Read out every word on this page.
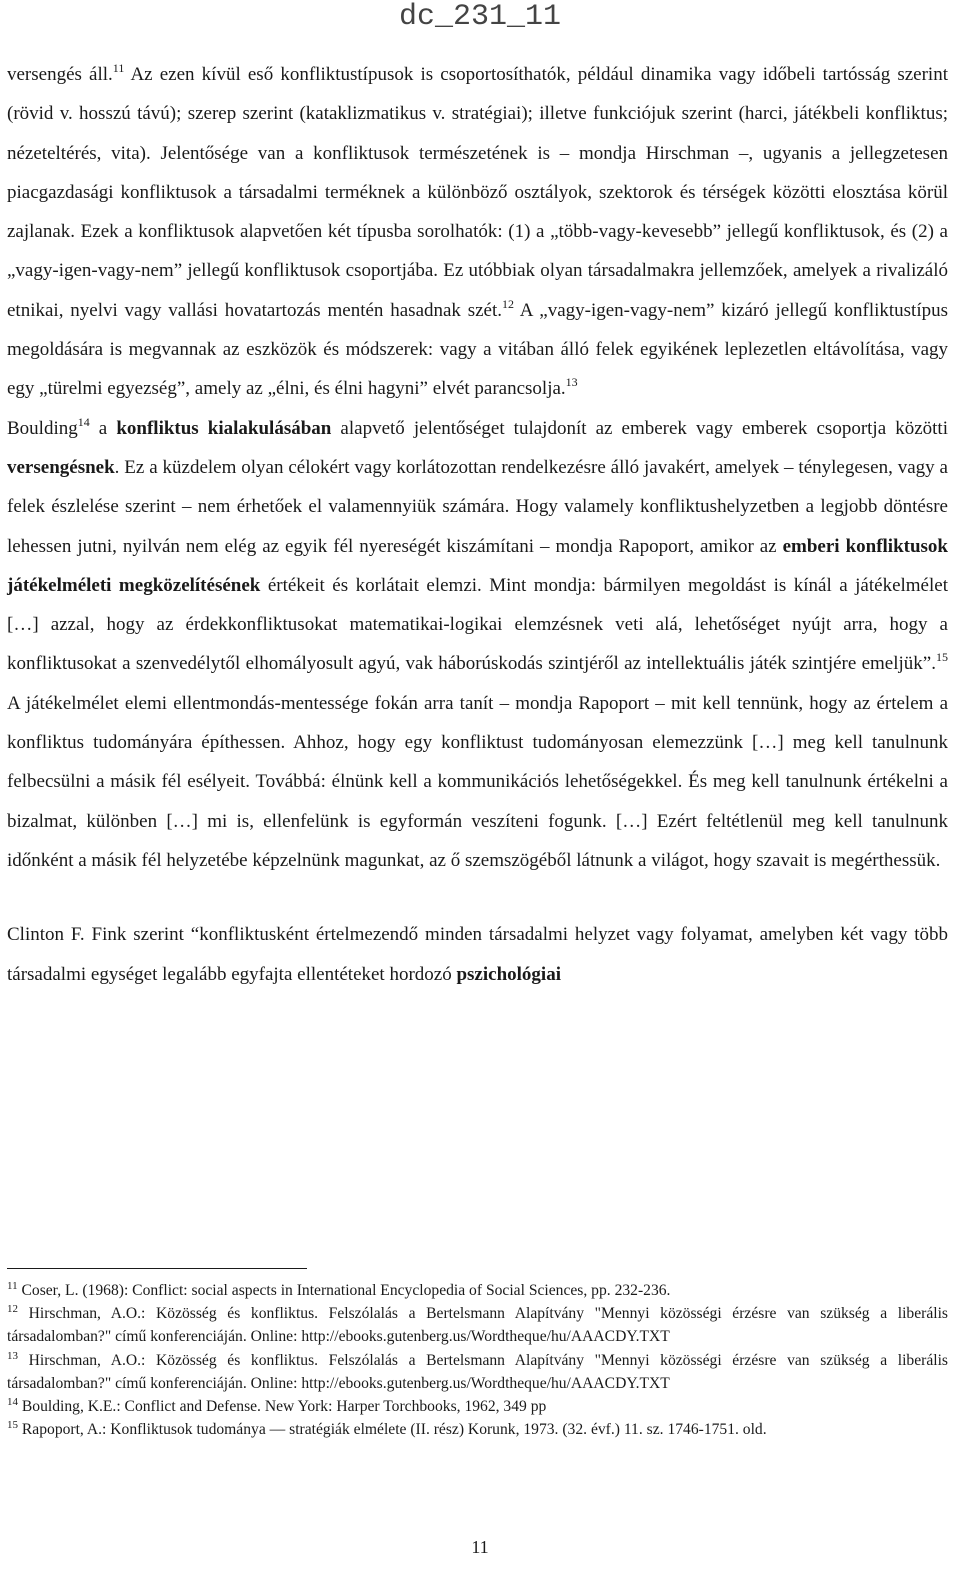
dc_231_11

versengés áll.$^{11}$ Az ezen kívül eső konfliktustípusok is csoportosíthatók, például dinamika vagy időbeli tartósság szerint (rövid v. hosszú távú); szerep szerint (kataklizmatikus v. stratégiai); illetve funkciójuk szerint (harci, játékbeli konfliktus; nézeteltérés, vita). Jelentősége van a konfliktusok természetének is – mondja Hirschman –, ugyanis a jellegzetesen piacgazdasági konfliktusok a társadalmi terméknek a különböző osztályok, szektorok és térségek közötti elosztása körül zajlanak. Ezek a konfliktusok alapvetően két típusba sorolhatók: (1) a „több-vagy-kevesebb” jellegű konfliktusok, és (2) a „vagy-igen-vagy-nem” jellegű konfliktusok csoportjába. Ez utóbbiak olyan társadalmakra jellemzőek, amelyek a rivalizáló etnikai, nyelvi vagy vallási hovatartozás mentén hasadnak szét.$^{12}$ A „vagy-igen-vagy-nem” kizáró jellegű konfliktustípus megoldására is megvannak az eszközök és módszerek: vagy a vitában álló felek egyikének leplezetlen eltávolítása, vagy egy „türelmi egyezség”, amely az „élni, és élni hagyni” elvét parancsolja.$^{13}$

Boulding$^{14}$ a konfliktus kialakulásában alapvető jelentőséget tulajdonít az emberek vagy emberek csoportja közötti versengésnek. Ez a küzdelem olyan célokért vagy korlátozottan rendelkezésre álló javakért, amelyek – ténylegesen, vagy a felek észlelése szerint – nem érhetőek el valamennyiük számára. Hogy valamely konfliktushelyzetben a legjobb döntésre lehessen jutni, nyilván nem elég az egyik fél nyereségét kiszámítani – mondja Rapoport, amikor az emberi konfliktusok játékelméleti megközelítésének értékeit és korlátait elemzi. Mint mondja: bármilyen megoldást is kínál a játékelmélet […] azzal, hogy az érdekkonfliktusokat matematikai-logikai elemzésnek veti alá, lehetőséget nyújt arra, hogy a konfliktusokat a szenvedélytől elhomályosult agyú, vak háborúskodás szintjéről az intellektuális játék szintjére emeljük”.$^{15}$ A játékelmélet elemi ellentmondás-mentessége fokán arra tanít – mondja Rapoport – mit kell tennünk, hogy az értelem a konfliktus tudományára építhessen. Ahhoz, hogy egy konfliktust tudományosan elemezzünk […] meg kell tanulnunk felbecsülni a másik fél esélyeit. Továbbá: élnünk kell a kommunikációs lehetőségekkel. És meg kell tanulnunk értékelni a bizalmat, különben […] mi is, ellenfelünk is egyformán veszíteni fogunk. […] Ezért feltétlenül meg kell tanulnunk időnként a másik fél helyzetébe képzelnünk magunkat, az ő szemszögéből látnunk a világot, hogy szavait is megérthessük.

Clinton F. Fink szerint “konfliktusként értelmezendő minden társadalmi helyzet vagy folyamat, amelyben két vagy több társadalmi egységet legalább egyfajta ellentéteket hordozó pszichológiai

$^{11}$ Coser, L. (1968): Conflict: social aspects in International Encyclopedia of Social Sciences, pp. 232-236.

$^{12}$ Hirschman, A.O.: Közösség és konfliktus. Felszólalás a Bertelsmann Alapítvány "Mennyi közösségi érzésre van szükség a liberális társadalomban?" című konferenciáján. Online: http://ebooks.gutenberg.us/Wordtheque/hu/AAACDY.TXT

$^{13}$ Hirschman, A.O.: Közösség és konfliktus. Felszólalás a Bertelsmann Alapítvány "Mennyi közösségi érzésre van szükség a liberális társadalomban?" című konferenciáján. Online: http://ebooks.gutenberg.us/Wordtheque/hu/AAACDY.TXT

$^{14}$ Boulding, K.E.: Conflict and Defense. New York: Harper Torchbooks, 1962, 349 pp

$^{15}$ Rapoport, A.: Konfliktusok tudománya — stratégiák elmélete (II. rész) Korunk, 1973. (32. évf.) 11. sz. 1746-1751. old.

11
